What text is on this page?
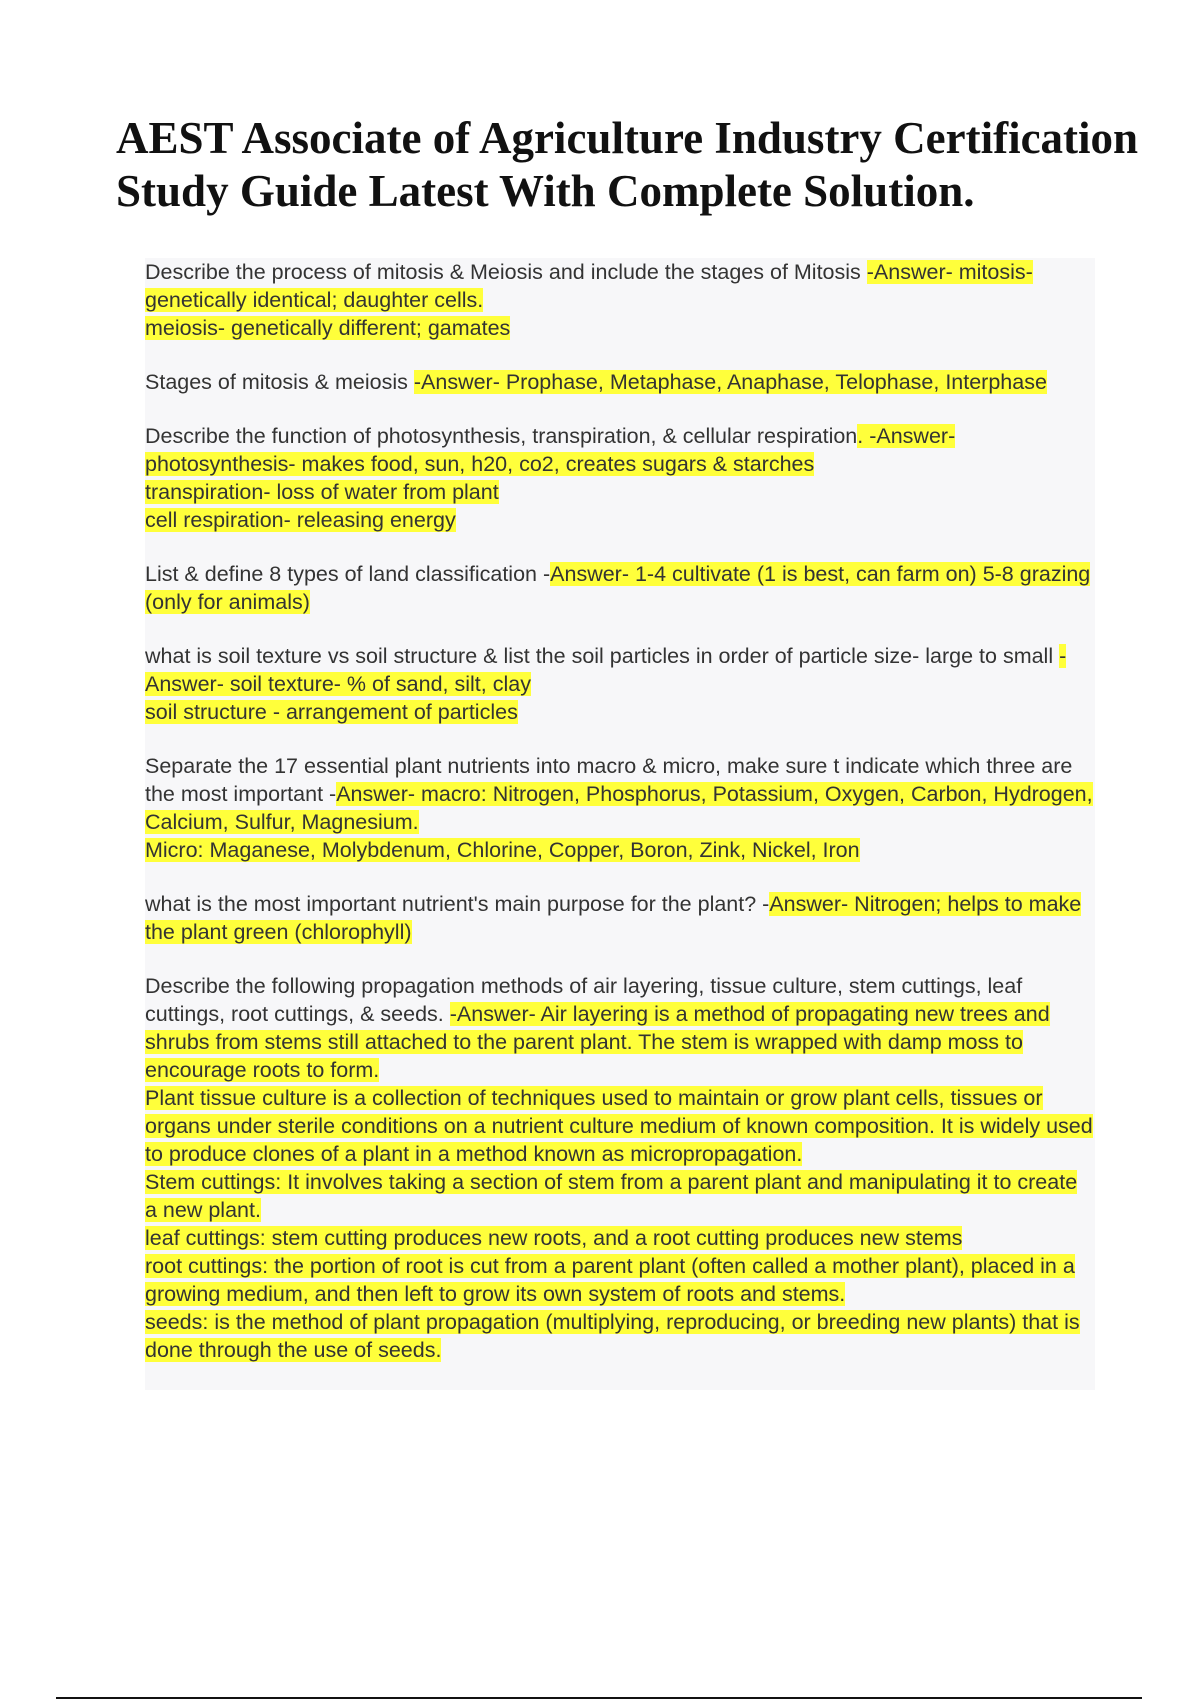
AEST Associate of Agriculture Industry Certification
Study Guide Latest With Complete Solution.
Describe the process of mitosis & Meiosis and include the stages of Mitosis -Answer- mitosis- genetically identical; daughter cells.
meiosis- genetically different; gamates
Stages of mitosis & meiosis -Answer- Prophase, Metaphase, Anaphase, Telophase, Interphase
Describe the function of photosynthesis, transpiration, & cellular respiration. -Answer- photosynthesis- makes food, sun, h20, co2, creates sugars & starches
transpiration- loss of water from plant
cell respiration- releasing energy
List & define 8 types of land classification -Answer- 1-4 cultivate (1 is best, can farm on) 5-8 grazing (only for animals)
what is soil texture vs soil structure & list the soil particles in order of particle size- large to small -Answer- soil texture- % of sand, silt, clay
soil structure - arrangement of particles
Separate the 17 essential plant nutrients into macro & micro, make sure t indicate which three are the most important -Answer- macro: Nitrogen, Phosphorus, Potassium, Oxygen, Carbon, Hydrogen, Calcium, Sulfur, Magnesium.
Micro: Maganese, Molybdenum, Chlorine, Copper, Boron, Zink, Nickel, Iron
what is the most important nutrient's main purpose for the plant? -Answer- Nitrogen; helps to make the plant green (chlorophyll)
Describe the following propagation methods of air layering, tissue culture, stem cuttings, leaf cuttings, root cuttings, & seeds. -Answer- Air layering is a method of propagating new trees and shrubs from stems still attached to the parent plant. The stem is wrapped with damp moss to encourage roots to form.
Plant tissue culture is a collection of techniques used to maintain or grow plant cells, tissues or organs under sterile conditions on a nutrient culture medium of known composition. It is widely used to produce clones of a plant in a method known as micropropagation.
Stem cuttings: It involves taking a section of stem from a parent plant and manipulating it to create a new plant.
leaf cuttings: stem cutting produces new roots, and a root cutting produces new stems
root cuttings: the portion of root is cut from a parent plant (often called a mother plant), placed in a growing medium, and then left to grow its own system of roots and stems.
seeds: is the method of plant propagation (multiplying, reproducing, or breeding new plants) that is done through the use of seeds.
